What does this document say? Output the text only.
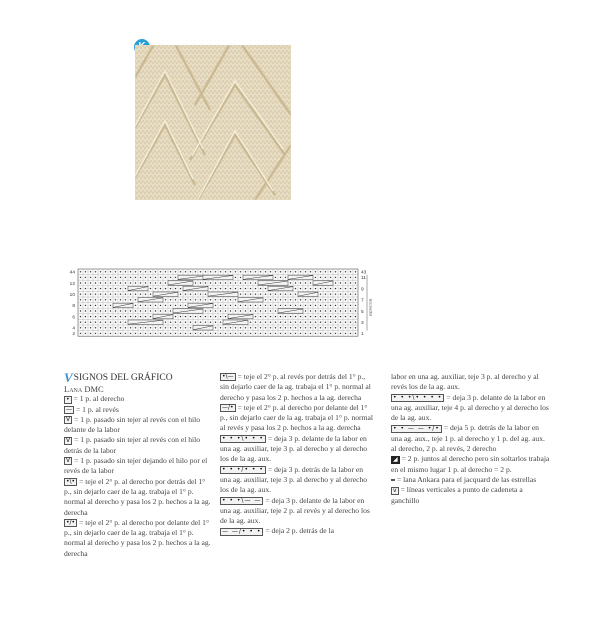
44
12
10
8
6
4
2
43
11
9
7
5
3
1
REPETIR
V SIGNOS DEL GRÁFICO

Lana DMC

• = 1 p. al derecho

— = 1 p. al revés

V = 1 p. pasado sin tejer al revés con el hilo delante de la labor

V = 1 p. pasado sin tejer al revés con el hilo detrás de la labor

V = 1 p. pasado sin tejer dejando el hilo por el revés de la labor

•\• = teje el 2° p. al derecho por detrás del 1° p., sin dejarlo caer de la ag. trabaja el 1° p. normal al derecho y pasa los 2 p. hechos a la ag. derecha

•/• = teje el 2° p. al derecho por delante del 1° p., sin dejarlo caer de la ag. trabaja el 1° p. normal al derecho y pasa los 2 p. hechos a la ag. derecha

•\— = teje el 2° p. al revés por detrás del 1° p., sin dejarlo caer de la ag. trabaja el 1° p. normal al derecho y pasa los 2 p. hechos a la ag. derecha

—/• = teje el 2° p. al derecho por delante del 1° p., sin dejarlo caer de la ag. trabaja el 1° p. normal al revés y pasa los 2 p. hechos a la ag. derecha

• • •\• • • = deja 3 p. delante de la labor en una ag. auxiliar, teje 3 p. al derecho y al derecho los de la ag. aux.

• • •/• • • = deja 3 p. detrás de la labor en una ag. auxiliar, teje 3 p. al derecho y al derecho los de la ag. aux.

• • •\— — = deja 3 p. delante de la labor en una ag. auxiliar, teje 2 p. al revés y al derecho los de la ag. aux.

— —/• • • = deja 2 p. detrás de la

labor en una ag. auxiliar, teje 3 p. al derecho y al revés los de la ag. aux.

• • •\• • • • = deja 3 p. delante de la labor en una ag. auxiliar, teje 4 p. al derecho y al derecho los de la ag. aux.

• • — — •/• = deja 5 p. detrás de la labor en una ag. aux., teje 1 p. al derecho y 1 p. del ag. aux. al derecho, 2 p. al revés, 2 derecho

◢ = 2 p. juntos al derecho pero sin soltarlos trabaja en el mismo lugar 1 p. al derecho = 2 p.

= lana Ankara para el jacquard de las estrellas

v = líneas verticales a punto de cadeneta a ganchillo
